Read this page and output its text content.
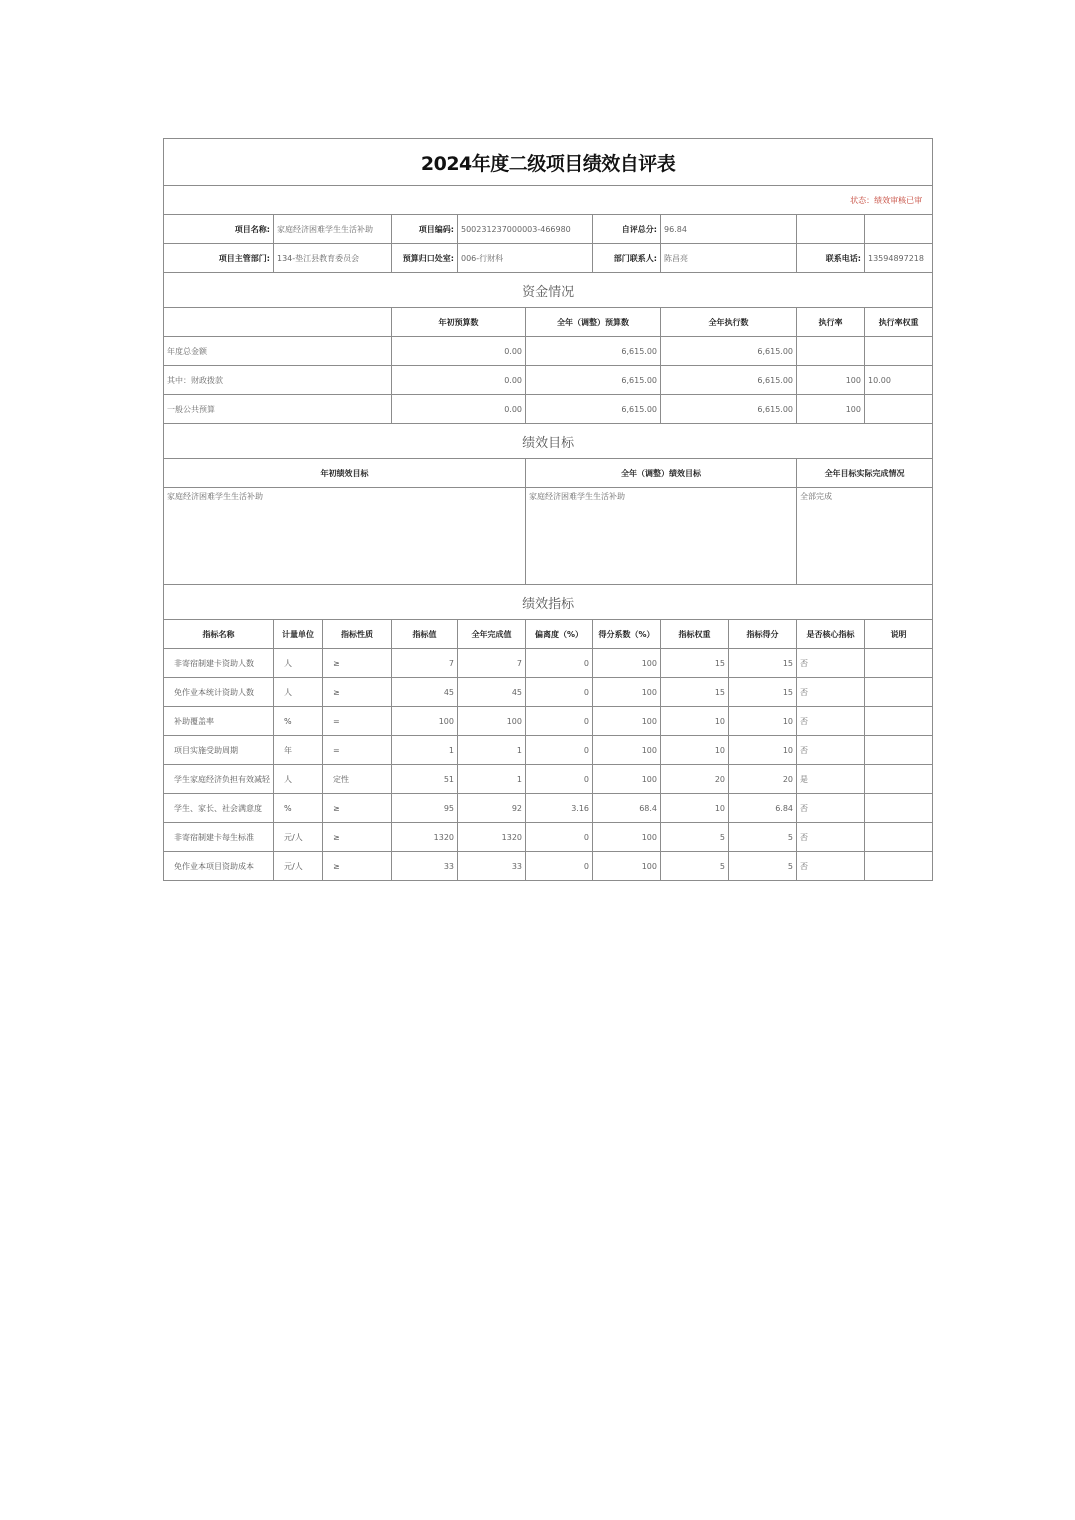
2024年度二级项目绩效自评表											
状态：绩效审核已审											
项目名称:	家庭经济困难学生生活补助		项目编码:	500231237000003-466980		自评总分:	96.84				
项目主管部门:	134-垫江县教育委员会		预算归口处室:	006-行财科		部门联系人:	陈昌亮		联系电话:	13594897218	
资金情况											
			年初预算数		全年（调整）预算数		全年执行数		执行率	执行率权重	
年度总金额			0.00		6,615.00		6,615.00				
其中：财政拨款			0.00		6,615.00		6,615.00		100	10.00	
一般公共预算			0.00		6,615.00		6,615.00		100		
绩效目标											
年初绩效目标					全年（调整）绩效目标				全年目标实际完成情况		
家庭经济困难学生生活补助					家庭经济困难学生生活补助				全部完成		
绩效指标											
指标名称	计量单位	指标性质	指标值	全年完成值	偏离度（%）	得分系数（%）	指标权重	指标得分	是否核心指标	说明	
非寄宿制建卡资助人数	人	≥	7	7	0	100	15	15	否		
免作业本统计资助人数	人	≥	45	45	0	100	15	15	否		
补助覆盖率	%	=	100	100	0	100	10	10	否		
项目实施受助周期	年	=	1	1	0	100	10	10	否		
学生家庭经济负担有效减轻	人	定性	51	1	0	100	20	20	是		
学生、家长、社会满意度	%	≥	95	92	3.16	68.4	10	6.84	否		
非寄宿制建卡每生标准	元/人	≥	1320	1320	0	100	5	5	否		
免作业本项目资助成本	元/人	≥	33	33	0	100	5	5	否		
